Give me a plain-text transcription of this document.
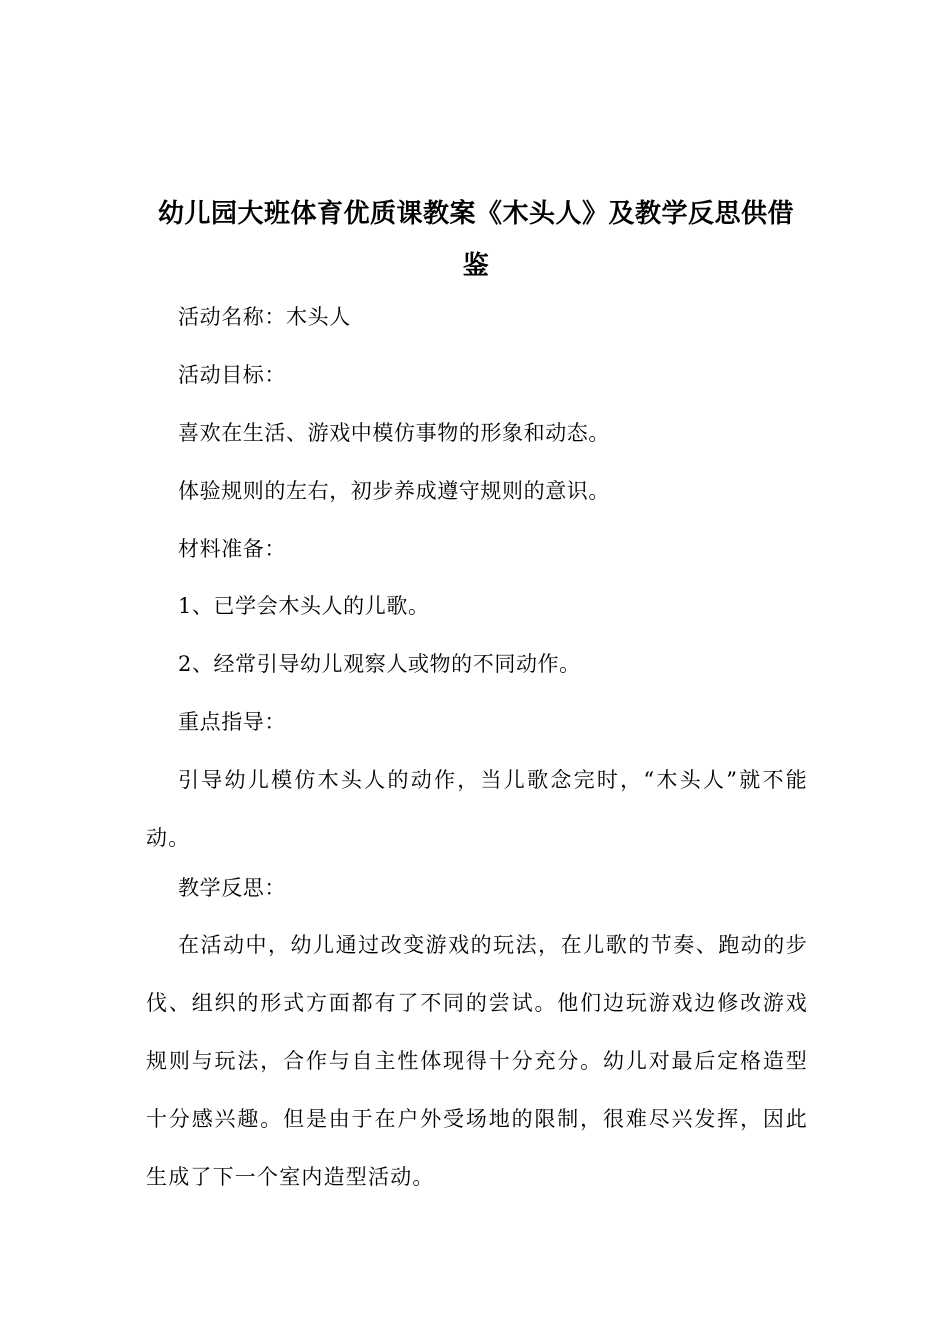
幼儿园大班体育优质课教案《木头人》及教学反思供借鉴
活动名称：木头人
活动目标：
喜欢在生活、游戏中模仿事物的形象和动态。
体验规则的左右，初步养成遵守规则的意识。
材料准备：
1、已学会木头人的儿歌。
2、经常引导幼儿观察人或物的不同动作。
重点指导：
引导幼儿模仿木头人的动作，当儿歌念完时，“木头人”就不能动。
教学反思：
在活动中，幼儿通过改变游戏的玩法，在儿歌的节奏、跑动的步伐、组织的形式方面都有了不同的尝试。他们边玩游戏边修改游戏规则与玩法，合作与自主性体现得十分充分。幼儿对最后定格造型十分感兴趣。但是由于在户外受场地的限制，很难尽兴发挥，因此生成了下一个室内造型活动。
